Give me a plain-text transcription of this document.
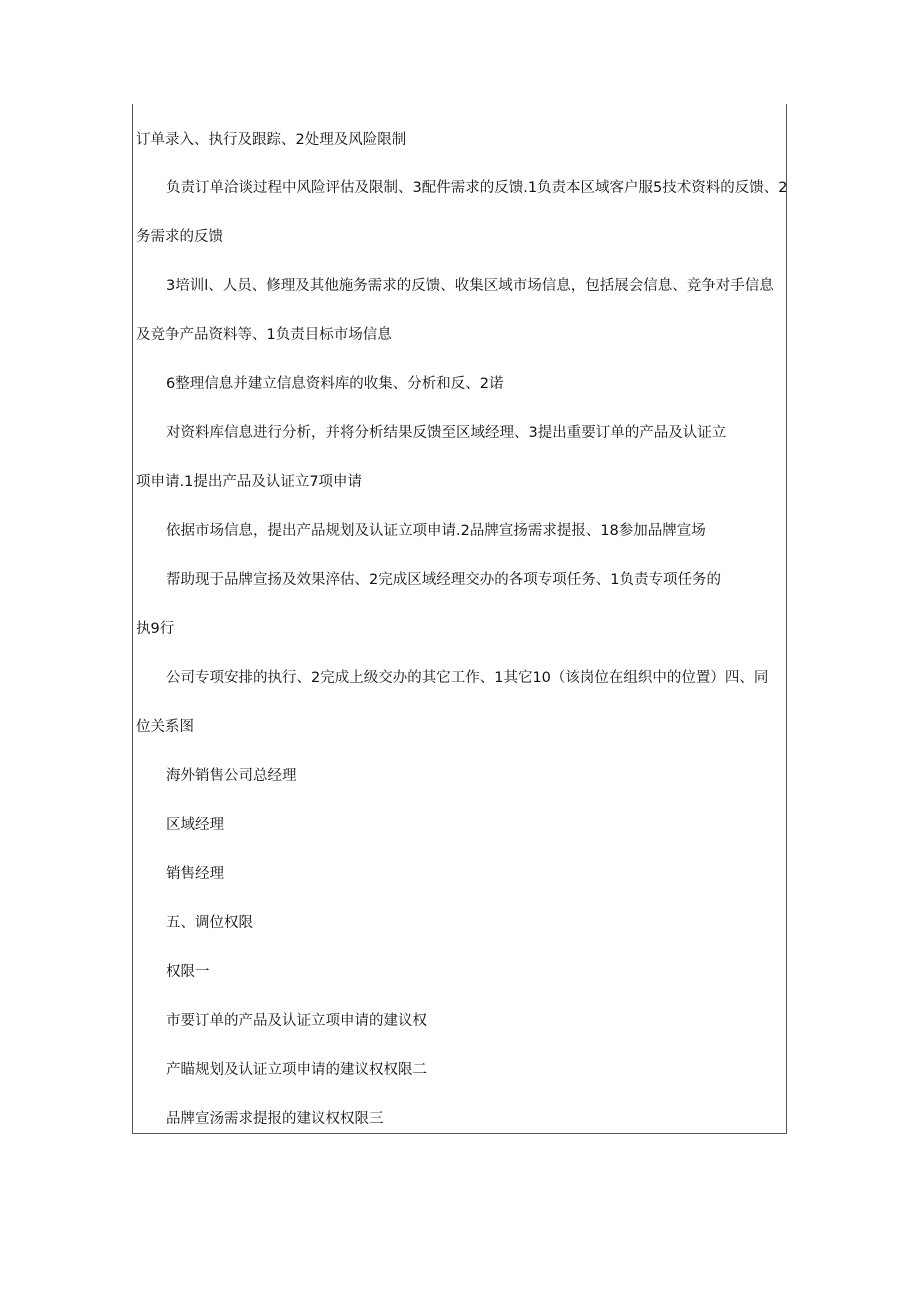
订单录入、执行及跟踪、2处理及风险限制
负责订单洽谈过程中风险评估及限制、3配件需求的反馈.1负责本区域客户服5技术资料的反馈、2
务需求的反馈
3培训l、人员、修理及其他施务需求的反馈、收集区域市场信息，包括展会信息、竞争对手信息
及竞争产品资料等、1负责目标市场信息
6整理信息并建立信息资料库的收集、分析和反、2诺
对资料库信息进行分析，并将分析结果反馈至区域经理、3提出重要订单的产品及认证立
项申请.1提出产品及认证立7项申请
依据市场信息，提出产品规划及认证立项申请.2品牌宣扬需求提报、18参加品牌宣场
帮助现于品牌宣扬及效果淬估、2完成区域经理交办的各项专项任务、1负责专项任务的
执9行
公司专项安排的执行、2完成上级交办的其它工作、1其它10（该岗位在组织中的位置）四、同
位关系图
海外销售公司总经理
区域经理
销售经理
五、调位权限
权限一
市要订单的产品及认证立项申请的建议权
产瞄规划及认证立项申请的建议权权限二
品牌宣汤需求提报的建议权权限三
